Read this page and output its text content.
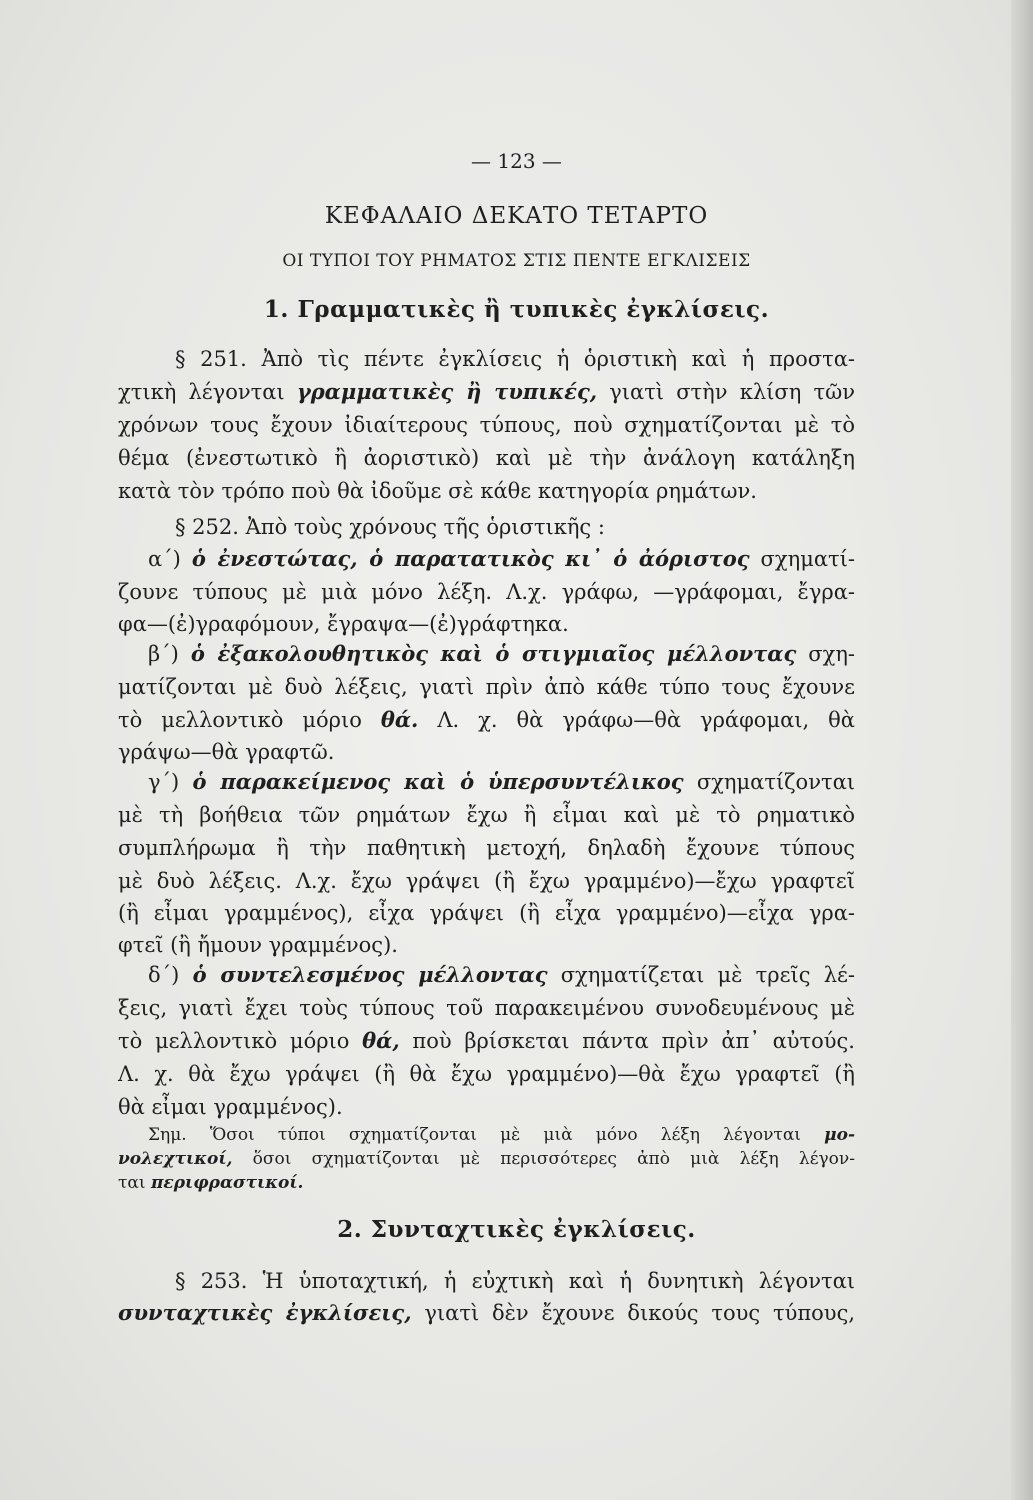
— 123 —
ΚΕΦΑΛΑΙΟ ΔΕΚΑΤΟ ΤΕΤΑΡΤΟ
ΟΙ ΤΥΠΟΙ ΤΟΥ ΡΗΜΑΤΟΣ ΣΤΙΣ ΠΕΝΤΕ ΕΓΚΛΙΣΕΙΣ
1. Γραμματικὲς ἢ τυπικὲς ἐγκλίσεις.
§ 251. Ἀπὸ τὶς πέντε ἐγκλίσεις ἡ ὁριστικὴ καὶ ἡ προστα-
χτικὴ λέγονται γραμματικὲς ἢ τυπικές, γιατὶ στὴν κλίση τῶν
χρόνων τους ἔχουν ἰδιαίτερους τύπους, ποὺ σχηματίζονται μὲ τὸ
θέμα (ἐνεστωτικὸ ἢ ἀοριστικὸ) καὶ μὲ τὴν ἀνάλογη κατάληξη
κατὰ τὸν τρόπο ποὺ θὰ ἰδοῦμε σὲ κάθε κατηγορία ρημάτων.
§ 252. Ἀπὸ τοὺς χρόνους τῆς ὁριστικῆς :
α΄) ὁ ἐνεστώτας, ὁ παρατατικὸς κι᾿ ὁ ἀόριστος σχηματί-
ζουνε τύπους μὲ μιὰ μόνο λέξη. Λ.χ. γράφω, —γράφομαι, ἔγρα-
φα—(ἐ)γραφόμουν, ἔγραψα—(ἐ)γράφτηκα.
β΄) ὁ ἐξακολουθητικὸς καὶ ὁ στιγμιαῖος μέλλοντας σχη-
ματίζονται μὲ δυὸ λέξεις, γιατὶ πρὶν ἀπὸ κάθε τύπο τους ἔχουνε
τὸ μελλοντικὸ μόριο θά. Λ. χ. θὰ γράφω—θὰ γράφομαι, θὰ
γράψω—θὰ γραφτῶ.
γ΄) ὁ παρακείμενος καὶ ὁ ὑπερσυντέλικος σχηματίζονται
μὲ τὴ βοήθεια τῶν ρημάτων ἔχω ἢ εἶμαι καὶ μὲ τὸ ρηματικὸ
συμπλήρωμα ἢ τὴν παθητικὴ μετοχή, δηλαδὴ ἔχουνε τύπους
μὲ δυὸ λέξεις. Λ.χ. ἔχω γράψει (ἢ ἔχω γραμμένο)—ἔχω γραφτεῖ
(ἢ εἶμαι γραμμένος), εἶχα γράψει (ἢ εἶχα γραμμένο)—εἶχα γρα-
φτεῖ (ἢ ἤμουν γραμμένος).
δ΄) ὁ συντελεσμένος μέλλοντας σχηματίζεται μὲ τρεῖς λέ-
ξεις, γιατὶ ἔχει τοὺς τύπους τοῦ παρακειμένου συνοδευμένους μὲ
τὸ μελλοντικὸ μόριο θά, ποὺ βρίσκεται πάντα πρὶν ἀπ᾿ αὐτούς.
Λ. χ. θὰ ἔχω γράψει (ἢ θὰ ἔχω γραμμένο)—θὰ ἔχω γραφτεῖ (ἢ
θὰ εἶμαι γραμμένος).
Σημ. Ὅσοι τύποι σχηματίζονται μὲ μιὰ μόνο λέξη λέγονται μο-
νολεχτικοί, ὅσοι σχηματίζονται μὲ περισσότερες ἀπὸ μιὰ λέξη λέγον-
ται περιφραστικοί.
2. Συνταχτικὲς ἐγκλίσεις.
§ 253. Ἡ ὑποταχτική, ἡ εὐχτικὴ καὶ ἡ δυνητικὴ λέγονται
συνταχτικὲς ἐγκλίσεις, γιατὶ δὲν ἔχουνε δικούς τους τύπους,
